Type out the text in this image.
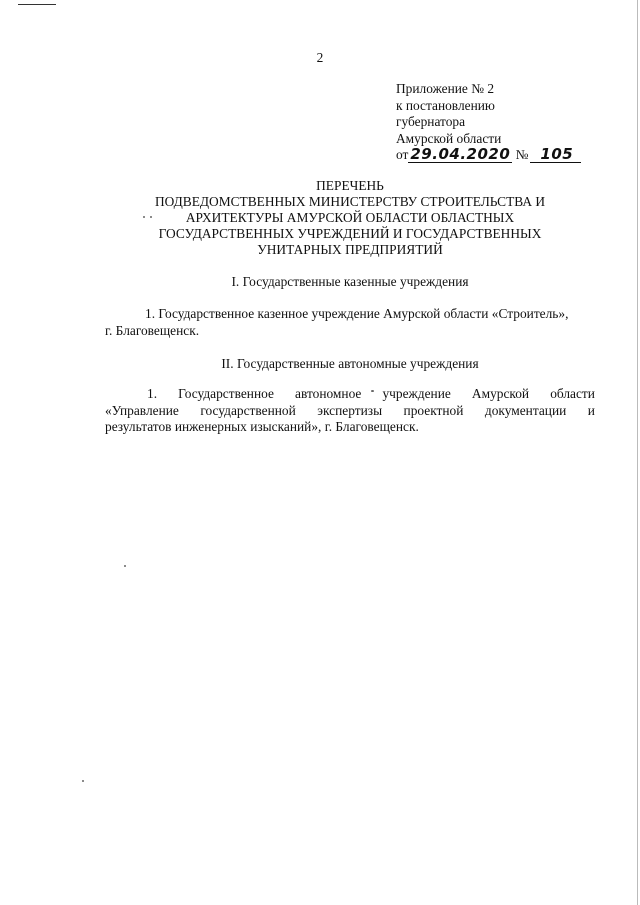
2
Приложение № 2
к постановлению
губернатора
Амурской области
от 29.04.2020 № 105
ПЕРЕЧЕНЬ
ПОДВЕДОМСТВЕННЫХ МИНИСТЕРСТВУ СТРОИТЕЛЬСТВА И
АРХИТЕКТУРЫ АМУРСКОЙ ОБЛАСТИ ОБЛАСТНЫХ
ГОСУДАРСТВЕННЫХ УЧРЕЖДЕНИЙ И ГОСУДАРСТВЕННЫХ
УНИТАРНЫХ ПРЕДПРИЯТИЙ
I. Государственные казенные учреждения
1. Государственное казенное учреждение Амурской области «Строитель»,
г. Благовещенск.
II. Государственные автономные учреждения
1. Государственное автономное учреждение Амурской области
«Управление государственной экспертизы проектной документации и
результатов инженерных изысканий», г. Благовещенск.
